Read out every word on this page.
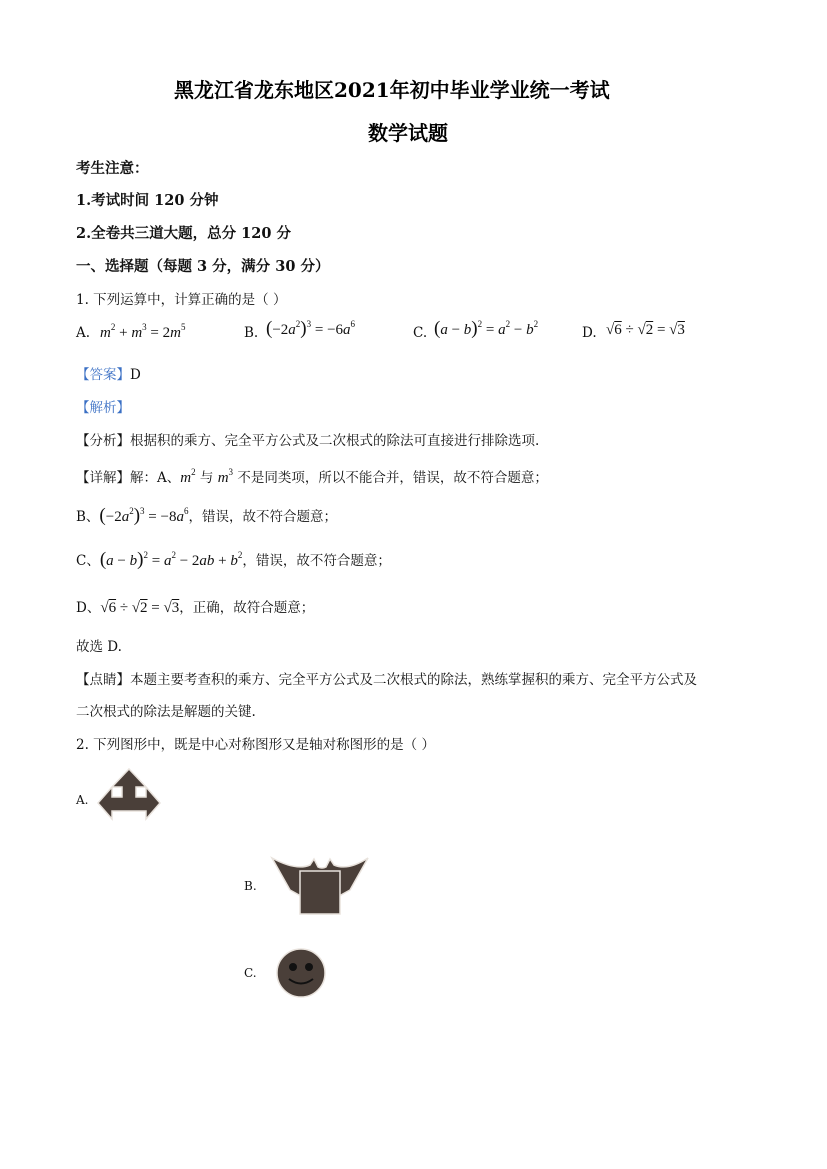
黑龙江省龙东地区2021年初中毕业学业统一考试
数学试题
考生注意：
1.考试时间 120 分钟
2.全卷共三道大题，总分 120 分
一、选择题（每题 3 分，满分 30 分）
1. 下列运算中，计算正确的是（ ）
A. $m^2 + m^3 = 2m^5$	B. $(-2a^2)^3 = -6a^6$
C. $(a - b)^2 = a^2 - b^2$
D. √6 ÷ √2 = √3
【答案】D
【解析】
【分析】根据积的乘方、完全平方公式及二次根式的除法可直接进行排除选项.
【详解】解：A、$m^2$ 与 $m^3$ 不是同类项，所以不能合并，错误，故不符合题意；
B、$(-2a^2)^3 = -8a^6$，错误，故不符合题意；
C、$(a - b)^2 = a^2 - 2ab + b^2$，错误，故不符合题意；
D、√6 ÷ √2 = √3，正确，故符合题意；
故选 D.
【点睛】本题主要考查积的乘方、完全平方公式及二次根式的除法，熟练掌握积的乘方、完全平方公式及
二次根式的除法是解题的关键.
2. 下列图形中，既是中心对称图形又是轴对称图形的是（ ）
A.
B.
C.
